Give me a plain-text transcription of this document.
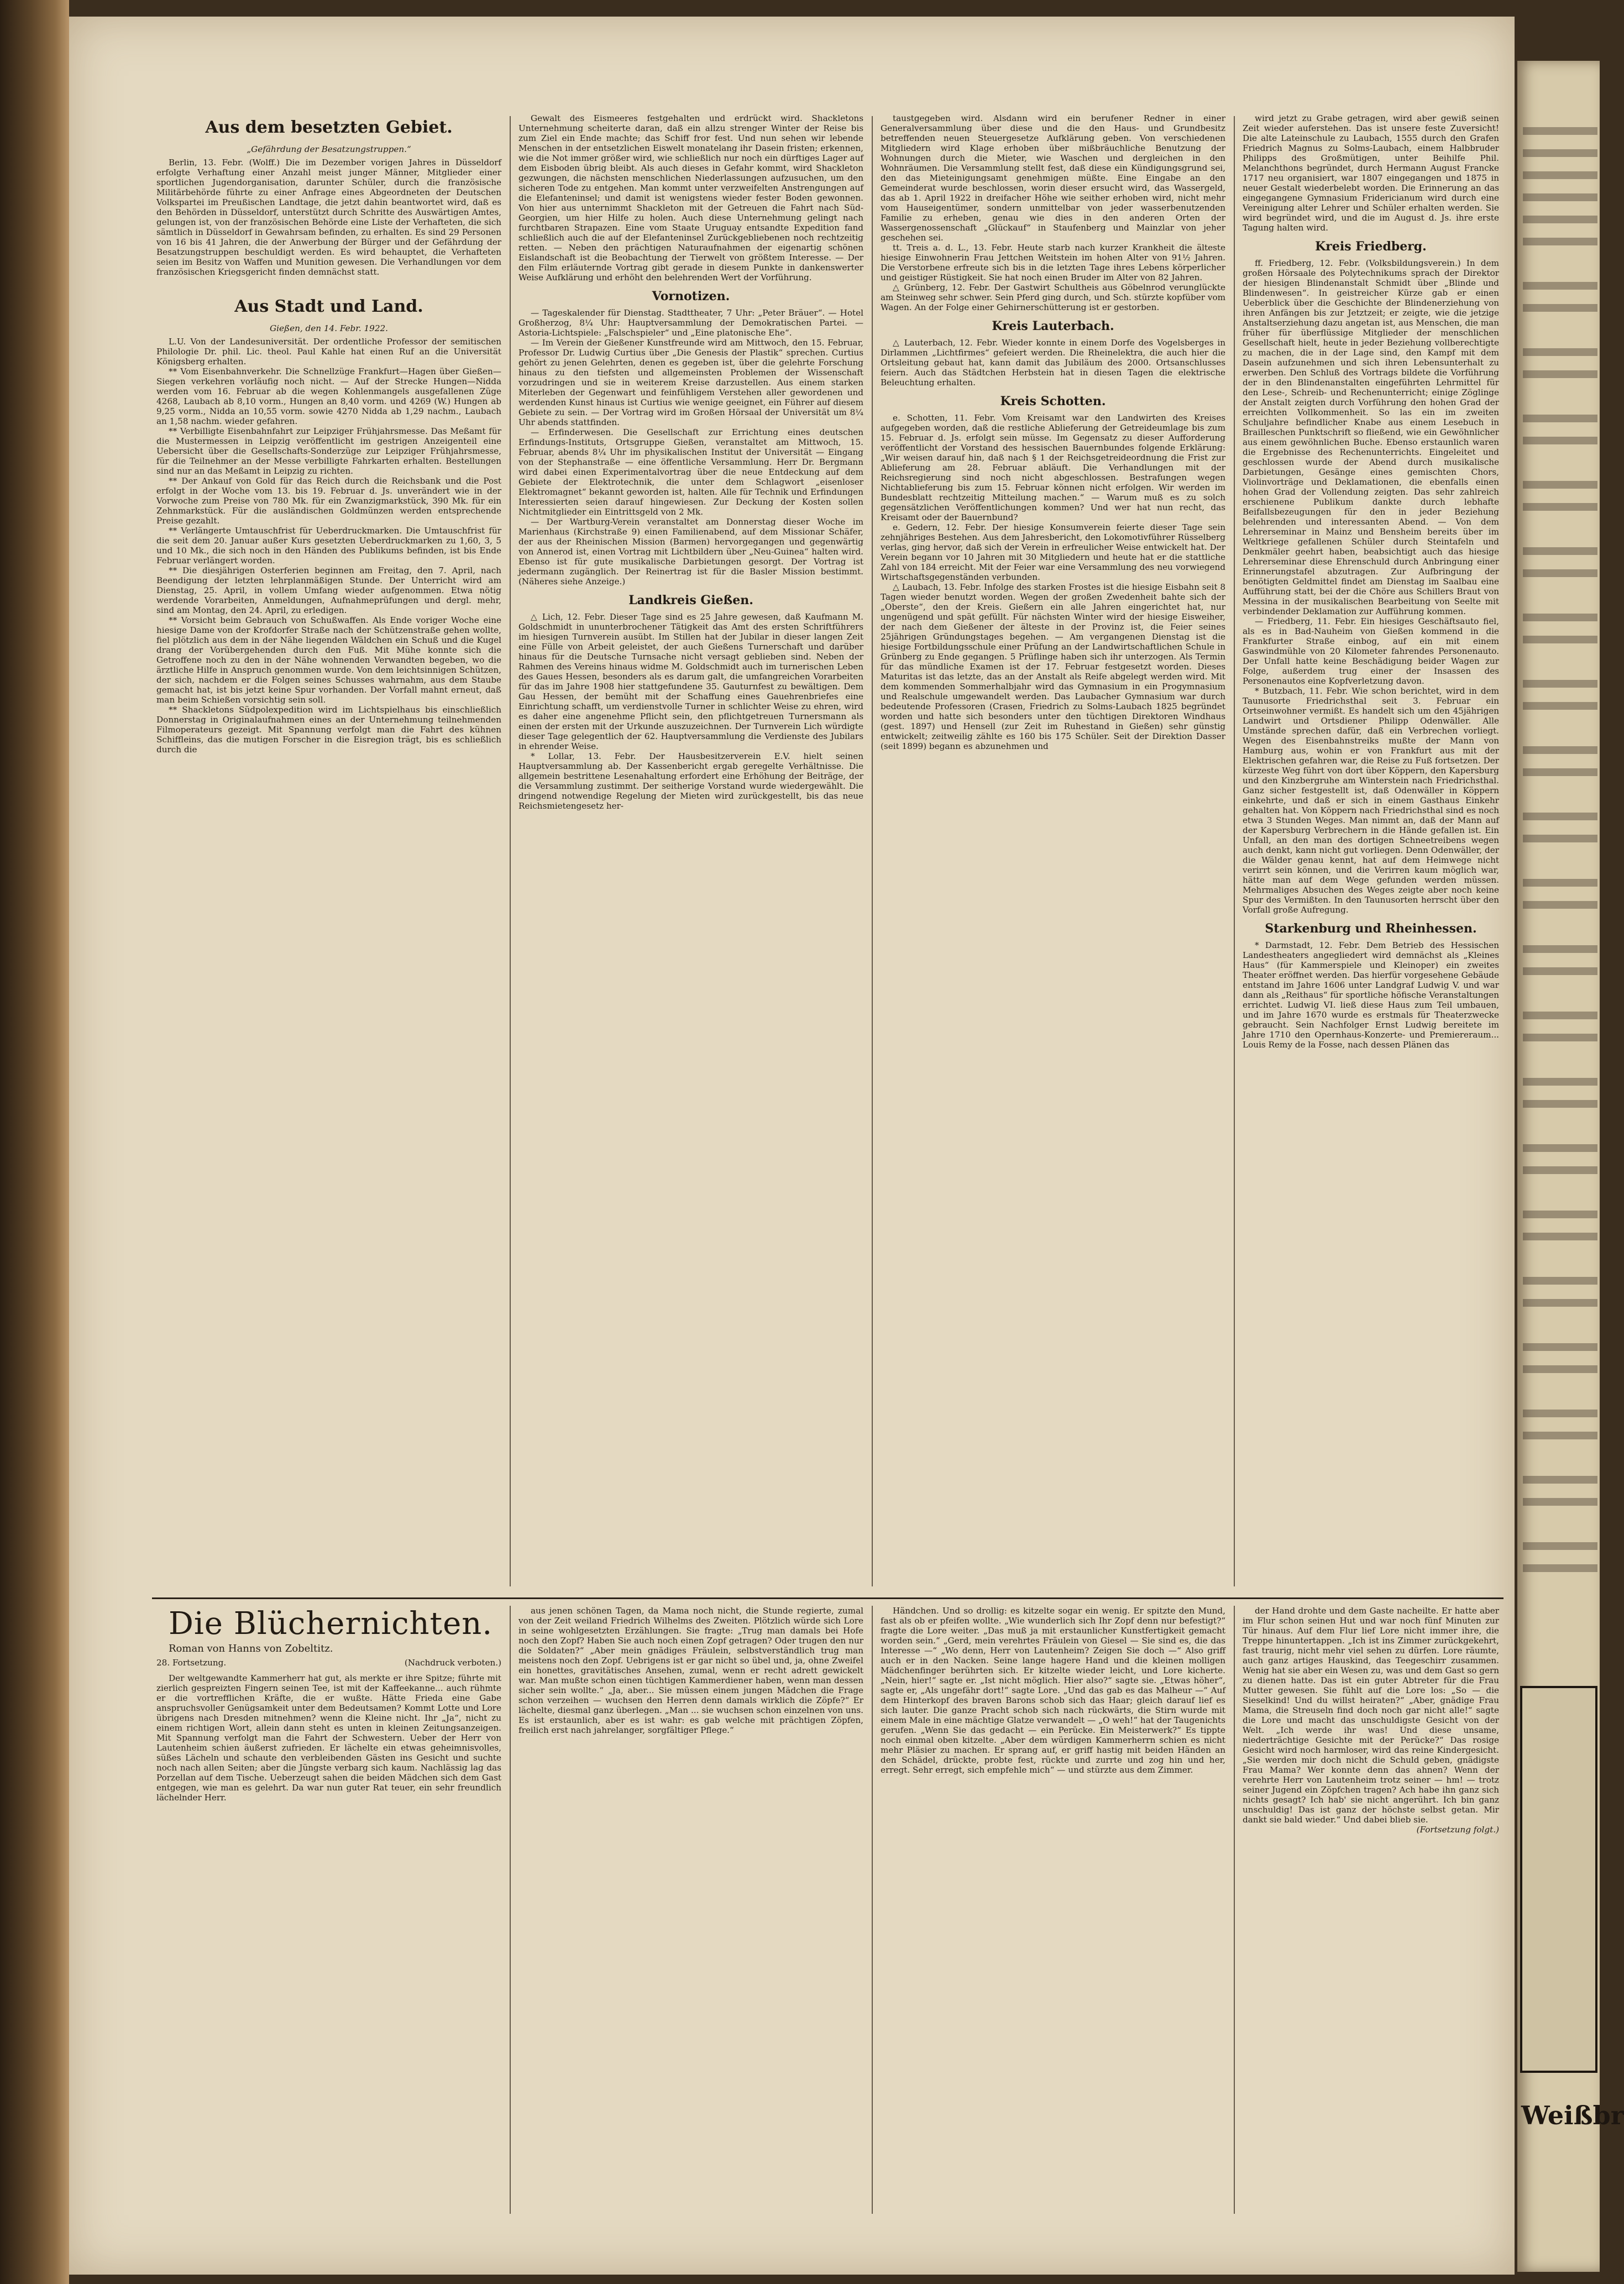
Aus dem besetzten Gebiet.

„Gefährdung der Besatzungstruppen.“

Berlin, 13. Febr. (Wolff.) Die im Dezember vorigen Jahres in Düsseldorf erfolgte Verhaftung einer Anzahl meist junger Männer, Mitglieder einer sportlichen Jugendorganisation, darunter Schüler, durch die französische Militärbehörde führte zu einer Anfrage eines Abgeordneten der Deutschen Volkspartei im Preußischen Landtage, die jetzt dahin beantwortet wird, daß es den Behörden in Düsseldorf, unterstützt durch Schritte des Auswärtigen Amtes, gelungen ist, von der französischen Behörde eine Liste der Verhafteten, die sich sämtlich in Düsseldorf in Gewahrsam befinden, zu erhalten. Es sind 29 Personen von 16 bis 41 Jahren, die der Anwerbung der Bürger und der Gefährdung der Besatzungstruppen beschuldigt werden. Es wird behauptet, die Verhafteten seien im Besitz von Waffen und Munition gewesen. Die Verhandlungen vor dem französischen Kriegsgericht finden demnächst statt.

Aus Stadt und Land.

Gießen, den 14. Febr. 1922.

L.U. Von der Landesuniversität. Der ordentliche Professor der semitischen Philologie Dr. phil. Lic. theol. Paul Kahle hat einen Ruf an die Universität Königsberg erhalten.

** Vom Eisenbahnverkehr. Die Schnellzüge Frankfurt—Hagen über Gießen—Siegen verkehren vorläufig noch nicht. — Auf der Strecke Hungen—Nidda werden vom 16. Februar ab die wegen Kohlenmangels ausgefallenen Züge 4268, Laubach ab 8,10 vorm., Hungen an 8,40 vorm. und 4269 (W.) Hungen ab 9,25 vorm., Nidda an 10,55 vorm. sowie 4270 Nidda ab 1,29 nachm., Laubach an 1,58 nachm. wieder gefahren.

** Verbilligte Eisenbahnfahrt zur Leipziger Frühjahrsmesse. Das Meßamt für die Mustermessen in Leipzig veröffentlicht im gestrigen Anzeigenteil eine Uebersicht über die Gesellschafts-Sonderzüge zur Leipziger Frühjahrsmesse, für die Teilnehmer an der Messe verbilligte Fahrkarten erhalten. Bestellungen sind nur an das Meßamt in Leipzig zu richten.

** Der Ankauf von Gold für das Reich durch die Reichsbank und die Post erfolgt in der Woche vom 13. bis 19. Februar d. Js. unverändert wie in der Vorwoche zum Preise von 780 Mk. für ein Zwanzigmarkstück, 390 Mk. für ein Zehnmarkstück. Für die ausländischen Goldmünzen werden entsprechende Preise gezahlt.

** Verlängerte Umtauschfrist für Ueberdruckmarken. Die Umtauschfrist für die seit dem 20. Januar außer Kurs gesetzten Ueberdruckmarken zu 1,60, 3, 5 und 10 Mk., die sich noch in den Händen des Publikums befinden, ist bis Ende Februar verlängert worden.

** Die diesjährigen Osterferien beginnen am Freitag, den 7. April, nach Beendigung der letzten lehrplanmäßigen Stunde. Der Unterricht wird am Dienstag, 25. April, in vollem Umfang wieder aufgenommen. Etwa nötig werdende Vorarbeiten, Anmeldungen, Aufnahmeprüfungen und dergl. mehr, sind am Montag, den 24. April, zu erledigen.

** Vorsicht beim Gebrauch von Schußwaffen. Als Ende voriger Woche eine hiesige Dame von der Krofdorfer Straße nach der Schützenstraße gehen wollte, fiel plötzlich aus dem in der Nähe liegenden Wäldchen ein Schuß und die Kugel drang der Vorübergehenden durch den Fuß. Mit Mühe konnte sich die Getroffene noch zu den in der Nähe wohnenden Verwandten begeben, wo die ärztliche Hilfe in Anspruch genommen wurde. Von dem leichtsinnigen Schützen, der sich, nachdem er die Folgen seines Schusses wahrnahm, aus dem Staube gemacht hat, ist bis jetzt keine Spur vorhanden. Der Vorfall mahnt erneut, daß man beim Schießen vorsichtig sein soll.

** Shackletons Südpolexpedition wird im Lichtspielhaus bis einschließlich Donnerstag in Originalaufnahmen eines an der Unternehmung teilnehmenden Filmoperateurs gezeigt. Mit Spannung verfolgt man die Fahrt des kühnen Schiffleins, das die mutigen Forscher in die Eisregion trägt, bis es schließlich durch die

Gewalt des Eismeeres festgehalten und erdrückt wird. Shackletons Unternehmung scheiterte daran, daß ein allzu strenger Winter der Reise bis zum Ziel ein Ende machte; das Schiff fror fest. Und nun sehen wir lebende Menschen in der entsetzlichen Eiswelt monatelang ihr Dasein fristen; erkennen, wie die Not immer größer wird, wie schließlich nur noch ein dürftiges Lager auf dem Eisboden übrig bleibt. Als auch dieses in Gefahr kommt, wird Shackleton gezwungen, die nächsten menschlichen Niederlassungen aufzusuchen, um den sicheren Tode zu entgehen. Man kommt unter verzweifelten Anstrengungen auf die Elefanteninsel; und damit ist wenigstens wieder fester Boden gewonnen. Von hier aus unternimmt Shackleton mit der Getreuen die Fahrt nach Süd-Georgien, um hier Hilfe zu holen. Auch diese Unternehmung gelingt nach furchtbaren Strapazen. Eine vom Staate Uruguay entsandte Expedition fand schließlich auch die auf der Elefanteninsel Zurückgebliebenen noch rechtzeitig retten. — Neben den prächtigen Naturaufnahmen der eigenartig schönen Eislandschaft ist die Beobachtung der Tierwelt von größtem Interesse. — Der den Film erläuternde Vortrag gibt gerade in diesem Punkte in dankenswerter Weise Aufklärung und erhöht den belehrenden Wert der Vorführung.

Vornotizen.

— Tageskalender für Dienstag. Stadttheater, 7 Uhr: „Peter Bräuer“. — Hotel Großherzog, 8¼ Uhr: Hauptversammlung der Demokratischen Partei. — Astoria-Lichtspiele: „Falschspieler“ und „Eine platonische Ehe“.

— Im Verein der Gießener Kunstfreunde wird am Mittwoch, den 15. Februar, Professor Dr. Ludwig Curtius über „Die Genesis der Plastik“ sprechen. Curtius gehört zu jenen Gelehrten, denen es gegeben ist, über die gelehrte Forschung hinaus zu den tiefsten und allgemeinsten Problemen der Wissenschaft vorzudringen und sie in weiterem Kreise darzustellen. Aus einem starken Miterleben der Gegenwart und feinfühligem Verstehen aller gewordenen und werdenden Kunst hinaus ist Curtius wie wenige geeignet, ein Führer auf diesem Gebiete zu sein. — Der Vortrag wird im Großen Hörsaal der Universität um 8¼ Uhr abends stattfinden.

— Erfinderwesen. Die Gesellschaft zur Errichtung eines deutschen Erfindungs-Instituts, Ortsgruppe Gießen, veranstaltet am Mittwoch, 15. Februar, abends 8¼ Uhr im physikalischen Institut der Universität — Eingang von der Stephanstraße — eine öffentliche Versammlung. Herr Dr. Bergmann wird dabei einen Experimentalvortrag über die neue Entdeckung auf dem Gebiete der Elektrotechnik, die unter dem Schlagwort „eisenloser Elektromagnet“ bekannt geworden ist, halten. Alle für Technik und Erfindungen Interessierten seien darauf hingewiesen. Zur Deckung der Kosten sollen Nichtmitglieder ein Eintrittsgeld von 2 Mk.

— Der Wartburg-Verein veranstaltet am Donnerstag dieser Woche im Marienhaus (Kirchstraße 9) einen Familienabend, auf dem Missionar Schäfer, der aus der Rheinischen Mission (Barmen) hervorgegangen und gegenwärtig von Annerod ist, einen Vortrag mit Lichtbildern über „Neu-Guinea“ halten wird. Ebenso ist für gute musikalische Darbietungen gesorgt. Der Vortrag ist jedermann zugänglich. Der Reinertrag ist für die Basler Mission bestimmt. (Näheres siehe Anzeige.)

Landkreis Gießen.

△ Lich, 12. Febr. Dieser Tage sind es 25 Jahre gewesen, daß Kaufmann M. Goldschmidt in ununterbrochener Tätigkeit das Amt des ersten Schriftführers im hiesigen Turnverein ausübt. Im Stillen hat der Jubilar in dieser langen Zeit eine Fülle von Arbeit geleistet, der auch Gießens Turnerschaft und darüber hinaus für die Deutsche Turnsache nicht versagt geblieben sind. Neben der Rahmen des Vereins hinaus widme M. Goldschmidt auch im turnerischen Leben des Gaues Hessen, besonders als es darum galt, die umfangreichen Vorarbeiten für das im Jahre 1908 hier stattgefundene 35. Gauturnfest zu bewältigen. Dem Gau Hessen, der bemüht mit der Schaffung eines Gauehrenbriefes eine Einrichtung schafft, um verdienstvolle Turner in schlichter Weise zu ehren, wird es daher eine angenehme Pflicht sein, den pflichtgetreuen Turnersmann als einen der ersten mit der Urkunde auszuzeichnen. Der Turnverein Lich würdigte dieser Tage gelegentlich der 62. Hauptversammlung die Verdienste des Jubilars in ehrender Weise.

* Lollar, 13. Febr. Der Hausbesitzerverein E.V. hielt seinen Hauptversammlung ab. Der Kassenbericht ergab geregelte Verhältnisse. Die allgemein bestrittene Lesenahaltung erfordert eine Erhöhung der Beiträge, der die Versammlung zustimmt. Der seitherige Vorstand wurde wiedergewählt. Die dringend notwendige Regelung der Mieten wird zurückgestellt, bis das neue Reichsmietengesetz her-

taustgegeben wird. Alsdann wird ein berufener Redner in einer Generalversammlung über diese und die den Haus- und Grundbesitz betreffenden neuen Steuergesetze Aufklärung geben. Von verschiedenen Mitgliedern wird Klage erhoben über mißbräuchliche Benutzung der Wohnungen durch die Mieter, wie Waschen und dergleichen in den Wohnräumen. Die Versammlung stellt fest, daß diese ein Kündigungsgrund sei, den das Mieteinigungsamt genehmigen müßte. Eine Eingabe an den Gemeinderat wurde beschlossen, worin dieser ersucht wird, das Wassergeld, das ab 1. April 1922 in dreifacher Höhe wie seither erhoben wird, nicht mehr vom Hauseigentümer, sondern unmittelbar von jeder wasserbenutzenden Familie zu erheben, genau wie dies in den anderen Orten der Wassergenossenschaft „Glückauf“ in Staufenberg und Mainzlar von jeher geschehen sei.

tt. Treis a. d. L., 13. Febr. Heute starb nach kurzer Krankheit die älteste hiesige Einwohnerin Frau Jettchen Weitstein im hohen Alter von 91½ Jahren. Die Verstorbene erfreute sich bis in die letzten Tage ihres Lebens körperlicher und geistiger Rüstigkeit. Sie hat noch einen Bruder im Alter von 82 Jahren.

△ Grünberg, 12. Febr. Der Gastwirt Schultheis aus Göbelnrod verunglückte am Steinweg sehr schwer. Sein Pferd ging durch, und Sch. stürzte kopfüber vom Wagen. An der Folge einer Gehirnerschütterung ist er gestorben.

Kreis Lauterbach.

△ Lauterbach, 12. Febr. Wieder konnte in einem Dorfe des Vogelsberges in Dirlammen „Lichtfirmes“ gefeiert werden. Die Rheinelektra, die auch hier die Ortsleitung gebaut hat, kann damit das Jubiläum des 2000. Ortsanschlusses feiern. Auch das Städtchen Herbstein hat in diesen Tagen die elektrische Beleuchtung erhalten.

Kreis Schotten.

e. Schotten, 11. Febr. Vom Kreisamt war den Landwirten des Kreises aufgegeben worden, daß die restliche Ablieferung der Getreideumlage bis zum 15. Februar d. Js. erfolgt sein müsse. Im Gegensatz zu dieser Aufforderung veröffentlicht der Vorstand des hessischen Bauernbundes folgende Erklärung: „Wir weisen darauf hin, daß nach § 1 der Reichsgetreideordnung die Frist zur Ablieferung am 28. Februar abläuft. Die Verhandlungen mit der Reichsregierung sind noch nicht abgeschlossen. Bestrafungen wegen Nichtablieferung bis zum 15. Februar können nicht erfolgen. Wir werden im Bundesblatt rechtzeitig Mitteilung machen.“ — Warum muß es zu solch gegensätzlichen Veröffentlichungen kommen? Und wer hat nun recht, das Kreisamt oder der Bauernbund?

e. Gedern, 12. Febr. Der hiesige Konsumverein feierte dieser Tage sein zehnjähriges Bestehen. Aus dem Jahresbericht, den Lokomotivführer Rüsselberg verlas, ging hervor, daß sich der Verein in erfreulicher Weise entwickelt hat. Der Verein begann vor 10 Jahren mit 30 Mitgliedern und heute hat er die stattliche Zahl von 184 erreicht. Mit der Feier war eine Versammlung des neu vorwiegend Wirtschaftsgegenständen verbunden.

△ Laubach, 13. Febr. Infolge des starken Frostes ist die hiesige Eisbahn seit 8 Tagen wieder benutzt worden. Wegen der großen Zwedenheit bahte sich der „Oberste“, den der Kreis. Gießern ein alle Jahren eingerichtet hat, nur ungenügend und spät gefüllt. Für nächsten Winter wird der hiesige Eisweiher, der nach dem Gießener der älteste in der Provinz ist, die Feier seines 25jährigen Gründungstages begehen. — Am vergangenen Dienstag ist die hiesige Fortbildungsschule einer Prüfung an der Landwirtschaftlichen Schule in Grünberg zu Ende gegangen. 5 Prüflinge haben sich ihr unterzogen. Als Termin für das mündliche Examen ist der 17. Februar festgesetzt worden. Dieses Maturitas ist das letzte, das an der Anstalt als Reife abgelegt werden wird. Mit dem kommenden Sommerhalbjahr wird das Gymnasium in ein Progymnasium und Realschule umgewandelt werden. Das Laubacher Gymnasium war durch bedeutende Professoren (Crasen, Friedrich zu Solms-Laubach 1825 begründet worden und hatte sich besonders unter den tüchtigen Direktoren Windhaus (gest. 1897) und Hensell (zur Zeit im Ruhestand in Gießen) sehr günstig entwickelt; zeitweilig zählte es 160 bis 175 Schüler. Seit der Direktion Dasser (seit 1899) begann es abzunehmen und

wird jetzt zu Grabe getragen, wird aber gewiß seinen Zeit wieder auferstehen. Das ist unsere feste Zuversicht! Die alte Lateinschule zu Laubach, 1555 durch den Grafen Friedrich Magnus zu Solms-Laubach, einem Halbbruder Philipps des Großmütigen, unter Beihilfe Phil. Melanchthons begründet, durch Hermann August Francke 1717 neu organisiert, war 1807 eingegangen und 1875 in neuer Gestalt wiederbelebt worden. Die Erinnerung an das eingegangene Gymnasium Fridericianum wird durch eine Vereinigung alter Lehrer und Schüler erhalten werden. Sie wird begründet wird, und die im August d. Js. ihre erste Tagung halten wird.

Kreis Friedberg.

ff. Friedberg, 12. Febr. (Volksbildungsverein.) In dem großen Hörsaale des Polytechnikums sprach der Direktor der hiesigen Blindenanstalt Schmidt über „Blinde und Blindenwesen“. In geistreicher Kürze gab er einen Ueberblick über die Geschichte der Blindenerziehung von ihren Anfängen bis zur Jetztzeit; er zeigte, wie die jetzige Anstaltserziehung dazu angetan ist, aus Menschen, die man früher für überflüssige Mitglieder der menschlichen Gesellschaft hielt, heute in jeder Beziehung vollberechtigte zu machen, die in der Lage sind, den Kampf mit dem Dasein aufzunehmen und sich ihren Lebensunterhalt zu erwerben. Den Schluß des Vortrags bildete die Vorführung der in den Blindenanstalten eingeführten Lehrmittel für den Lese-, Schreib- und Rechenunterricht; einige Zöglinge der Anstalt zeigten durch Vorführung den hohen Grad der erreichten Vollkommenheit. So las ein im zweiten Schuljahre befindlicher Knabe aus einem Lesebuch in Brailleschen Punktschrift so fließend, wie ein Gewöhnlicher aus einem gewöhnlichen Buche. Ebenso erstaunlich waren die Ergebnisse des Rechenunterrichts. Eingeleitet und geschlossen wurde der Abend durch musikalische Darbietungen, Gesänge eines gemischten Chors, Violinvorträge und Deklamationen, die ebenfalls einen hohen Grad der Vollendung zeigten. Das sehr zahlreich erschienene Publikum dankte durch lebhafte Beifallsbezeugungen für den in jeder Beziehung belehrenden und interessanten Abend. — Von dem Lehrerseminar in Mainz und Bensheim bereits über im Weltkriege gefallenen Schüler durch Steintafeln und Denkmäler geehrt haben, beabsichtigt auch das hiesige Lehrerseminar diese Ehrenschuld durch Anbringung einer Erinnerungstafel abzutragen. Zur Aufbringung der benötigten Geldmittel findet am Dienstag im Saalbau eine Aufführung statt, bei der die Chöre aus Schillers Braut von Messina in der musikalischen Bearbeitung von Seelte mit verbindender Deklamation zur Aufführung kommen.

— Friedberg, 11. Febr. Ein hiesiges Geschäftsauto fiel, als es in Bad-Nauheim von Gießen kommend in die Frankfurter Straße einbog, auf ein mit einem Gaswindmühle von 20 Kilometer fahrendes Personenauto. Der Unfall hatte keine Beschädigung beider Wagen zur Folge, außerdem trug einer der Insassen des Personenautos eine Kopfverletzung davon.

* Butzbach, 11. Febr. Wie schon berichtet, wird in dem Taunusorte Friedrichsthal seit 3. Februar ein Ortseinwohner vermißt. Es handelt sich um den 45jährigen Landwirt und Ortsdiener Philipp Odenwäller. Alle Umstände sprechen dafür, daß ein Verbrechen vorliegt. Wegen des Eisenbahnstreiks mußte der Mann von Hamburg aus, wohin er von Frankfurt aus mit der Elektrischen gefahren war, die Reise zu Fuß fortsetzen. Der kürzeste Weg führt von dort über Köppern, den Kapersburg und den Kinzbergruhe am Winterstein nach Friedrichsthal. Ganz sicher festgestellt ist, daß Odenwäller in Köppern einkehrte, und daß er sich in einem Gasthaus Einkehr gehalten hat. Von Köppern nach Friedrichsthal sind es noch etwa 3 Stunden Weges. Man nimmt an, daß der Mann auf der Kapersburg Verbrechern in die Hände gefallen ist. Ein Unfall, an den man des dortigen Schneetreibens wegen auch denkt, kann nicht gut vorliegen. Denn Odenwäller, der die Wälder genau kennt, hat auf dem Heimwege nicht verirrt sein können, und die Verirren kaum möglich war, hätte man auf dem Wege gefunden werden müssen. Mehrmaliges Absuchen des Weges zeigte aber noch keine Spur des Vermißten. In den Taunusorten herrscht über den Vorfall große Aufregung.

Starkenburg und Rheinhessen.

* Darmstadt, 12. Febr. Dem Betrieb des Hessischen Landestheaters angegliedert wird demnächst als „Kleines Haus“ (für Kammerspiele und Kleinoper) ein zweites Theater eröffnet werden. Das hierfür vorgesehene Gebäude entstand im Jahre 1606 unter Landgraf Ludwig V. und war dann als „Reithaus“ für sportliche höfische Veranstaltungen errichtet. Ludwig VI. ließ diese Haus zum Teil umbauen, und im Jahre 1670 wurde es erstmals für Theaterzwecke gebraucht. Sein Nachfolger Ernst Ludwig bereitete im Jahre 1710 den Opernhaus-Konzerte- und Premiereraum... Louis Remy de la Fosse, nach dessen Plänen das

Die Blüchernichten.

Roman von Hanns von Zobeltitz.

28. Fortsetzung.	(Nachdruck verboten.)

Der weltgewandte Kammerherr hat gut, als merkte er ihre Spitze; führte mit zierlich gespreizten Fingern seinen Tee, ist mit der Kaffeekanne... auch rühmte er die vortrefflichen Kräfte, die er wußte. Hätte Frieda eine Gabe anspruchsvoller Genügsamkeit unter dem Bedeutsamen? Kommt Lotte und Lore übrigens nach Dresden mitnehmen? wenn die Kleine nicht. Ihr „Ja“, nicht zu einem richtigen Wort, allein dann steht es unten in kleinen Zeitungsanzeigen. Mit Spannung verfolgt man die Fahrt der Schwestern. Ueber der Herr von Lautenheim schien äußerst zufrieden. Er lächelte ein etwas geheimnisvolles, süßes Lächeln und schaute den verbleibenden Gästen ins Gesicht und suchte noch nach allen Seiten; aber die Jüngste verbarg sich kaum. Nachlässig lag das Porzellan auf dem Tische. Ueberzeugt sahen die beiden Mädchen sich dem Gast entgegen, wie man es gelehrt. Da war nun guter Rat teuer, ein sehr freundlich lächelnder Herr.

aus jenen schönen Tagen, da Mama noch nicht, die Stunde regierte, zumal von der Zeit weiland Friedrich Wilhelms des Zweiten. Plötzlich würde sich Lore in seine wohlgesetzten Erzählungen. Sie fragte: „Trug man damals bei Hofe noch den Zopf? Haben Sie auch noch einen Zopf getragen? Oder trugen den nur die Soldaten?“ „Aber mein gnädiges Fräulein, selbstverständlich trug man meistens noch den Zopf. Uebrigens ist er gar nicht so übel und, ja, ohne Zweifel ein honettes, gravitätisches Ansehen, zumal, wenn er recht adrett gewickelt war. Man mußte schon einen tüchtigen Kammerdiener haben, wenn man dessen sicher sein wollte.“ „Ja, aber... Sie müssen einem jungen Mädchen die Frage schon verzeihen — wuchsen den Herren denn damals wirklich die Zöpfe?“ Er lächelte, diesmal ganz überlegen. „Man ... sie wuchsen schon einzelnen von uns. Es ist erstaunlich, aber es ist wahr: es gab welche mit prächtigen Zöpfen, freilich erst nach jahrelanger, sorgfältiger Pflege.“

Händchen. Und so drollig: es kitzelte sogar ein wenig. Er spitzte den Mund, fast als ob er pfeifen wollte. „Wie wunderlich sich Ihr Zopf denn nur befestigt?“ fragte die Lore weiter. „Das muß ja mit erstaunlicher Kunstfertigkeit gemacht worden sein.“ „Gerd, mein verehrtes Fräulein von Giesel — Sie sind es, die das Interesse —“ „Wo denn, Herr von Lautenheim? Zeigen Sie doch —“ Also griff auch er in den Nacken. Seine lange hagere Hand und die kleinen molligen Mädchenfinger berührten sich. Er kitzelte wieder leicht, und Lore kicherte. „Nein, hier!“ sagte er. „Ist nicht möglich. Hier also?“ sagte sie. „Etwas höher“, sagte er, „Als ungefähr dort!“ sagte Lore. „Und das gab es das Malheur —“ Auf dem Hinterkopf des braven Barons schob sich das Haar; gleich darauf lief es sich lauter. Die ganze Pracht schob sich nach rückwärts, die Stirn wurde mit einem Male in eine mächtige Glatze verwandelt — „O weh!“ hat der Taugenichts gerufen. „Wenn Sie das gedacht — ein Perücke. Ein Meisterwerk?“ Es tippte noch einmal oben kitzelte. „Aber dem würdigen Kammerherrn schien es nicht mehr Pläsier zu machen. Er sprang auf, er griff hastig mit beiden Händen an den Schädel, drückte, probte fest, rückte und zurrte und zog hin und her, erregt. Sehr erregt, sich empfehle mich“ — und stürzte aus dem Zimmer.

der Hand drohte und dem Gaste nacheilte. Er hatte aber im Flur schon seinen Hut und war noch fünf Minuten zur Tür hinaus. Auf dem Flur lief Lore nicht immer ihre, die Treppe hinuntertappen. „Ich ist ins Zimmer zurückgekehrt, fast traurig, nicht mehr viel sehen zu dürfen. Lore räumte, auch ganz artiges Hauskind, das Teegeschirr zusammen. Wenig hat sie aber ein Wesen zu, was und dem Gast so gern zu dienen hatte. Das ist ein guter Abtreter für die Frau Mutter gewesen. Sie fühlt auf die Lore los: „So — die Sieselkind! Und du willst heiraten?“ „Aber, gnädige Frau Mama, die Streuseln find doch noch gar nicht alle!“ sagte die Lore und macht das unschuldigste Gesicht von der Welt. „Ich werde ihr was! Und diese unsame, niederträchtige Gesichte mit der Perücke?“ Das rosige Gesicht wird noch harmloser, wird das reine Kindergesicht. „Sie werden mir doch nicht die Schuld geben, gnädigste Frau Mama? Wer konnte denn das ahnen? Wenn der verehrte Herr von Lautenheim trotz seiner — hm! — trotz seiner Jugend ein Zöpfchen tragen? Ach habe ihn ganz sich nichts gesagt? Ich hab' sie nicht angerührt. Ich bin ganz unschuldig! Das ist ganz der höchste selbst getan. Mir dankt sie bald wieder.“ Und dabei blieb sie.

(Fortsetzung folgt.)

Weißbr
